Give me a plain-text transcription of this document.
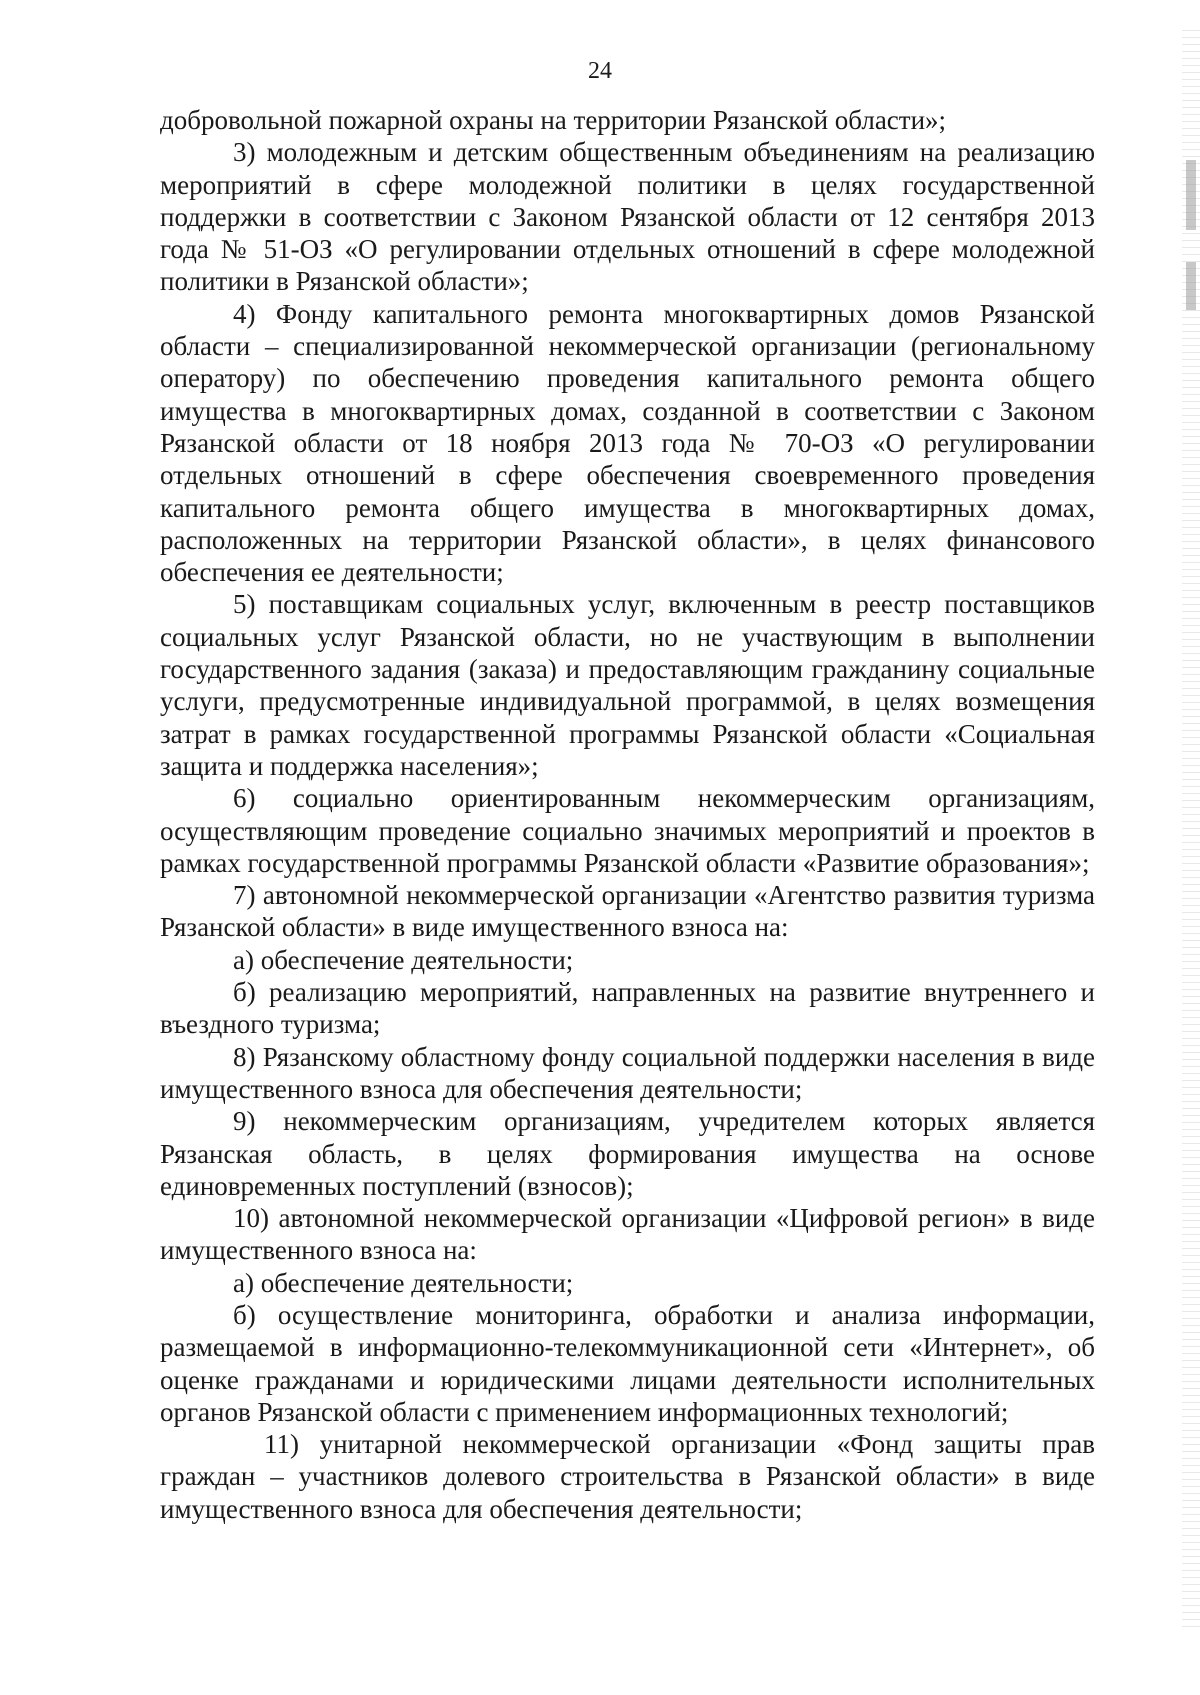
24

добровольной пожарной охраны на территории Рязанской области»;

3) молодежным и детским общественным объединениям на реализацию мероприятий в сфере молодежной политики в целях государственной поддержки в соответствии с Законом Рязанской области от 12 сентября 2013 года № 51-ОЗ «О регулировании отдельных отношений в сфере молодежной политики в Рязанской области»;

4) Фонду капитального ремонта многоквартирных домов Рязанской области – специализированной некоммерческой организации (региональному оператору) по обеспечению проведения капитального ремонта общего имущества в многоквартирных домах, созданной в соответствии с Законом Рязанской области от 18 ноября 2013 года № 70-ОЗ «О регулировании отдельных отношений в сфере обеспечения своевременного проведения капитального ремонта общего имущества в многоквартирных домах, расположенных на территории Рязанской области», в целях финансового обеспечения ее деятельности;

5) поставщикам социальных услуг, включенным в реестр поставщиков социальных услуг Рязанской области, но не участвующим в выполнении государственного задания (заказа) и предоставляющим гражданину социальные услуги, предусмотренные индивидуальной программой, в целях возмещения затрат в рамках государственной программы Рязанской области «Социальная защита и поддержка населения»;

6) социально ориентированным некоммерческим организациям, осуществляющим проведение социально значимых мероприятий и проектов в рамках государственной программы Рязанской области «Развитие образования»;

7) автономной некоммерческой организации «Агентство развития туризма Рязанской области» в виде имущественного взноса на:

а) обеспечение деятельности;

б) реализацию мероприятий, направленных на развитие внутреннего и въездного туризма;

8) Рязанскому областному фонду социальной поддержки населения в виде имущественного взноса для обеспечения деятельности;

9) некоммерческим организациям, учредителем которых является Рязанская область, в целях формирования имущества на основе единовременных поступлений (взносов);

10) автономной некоммерческой организации «Цифровой регион» в виде имущественного взноса на:

а) обеспечение деятельности;

б) осуществление мониторинга, обработки и анализа информации, размещаемой в информационно-телекоммуникационной сети «Интернет», об оценке гражданами и юридическими лицами деятельности исполнительных органов Рязанской области с применением информационных технологий;

11) унитарной некоммерческой организации «Фонд защиты прав граждан – участников долевого строительства в Рязанской области» в виде имущественного взноса для обеспечения деятельности;
